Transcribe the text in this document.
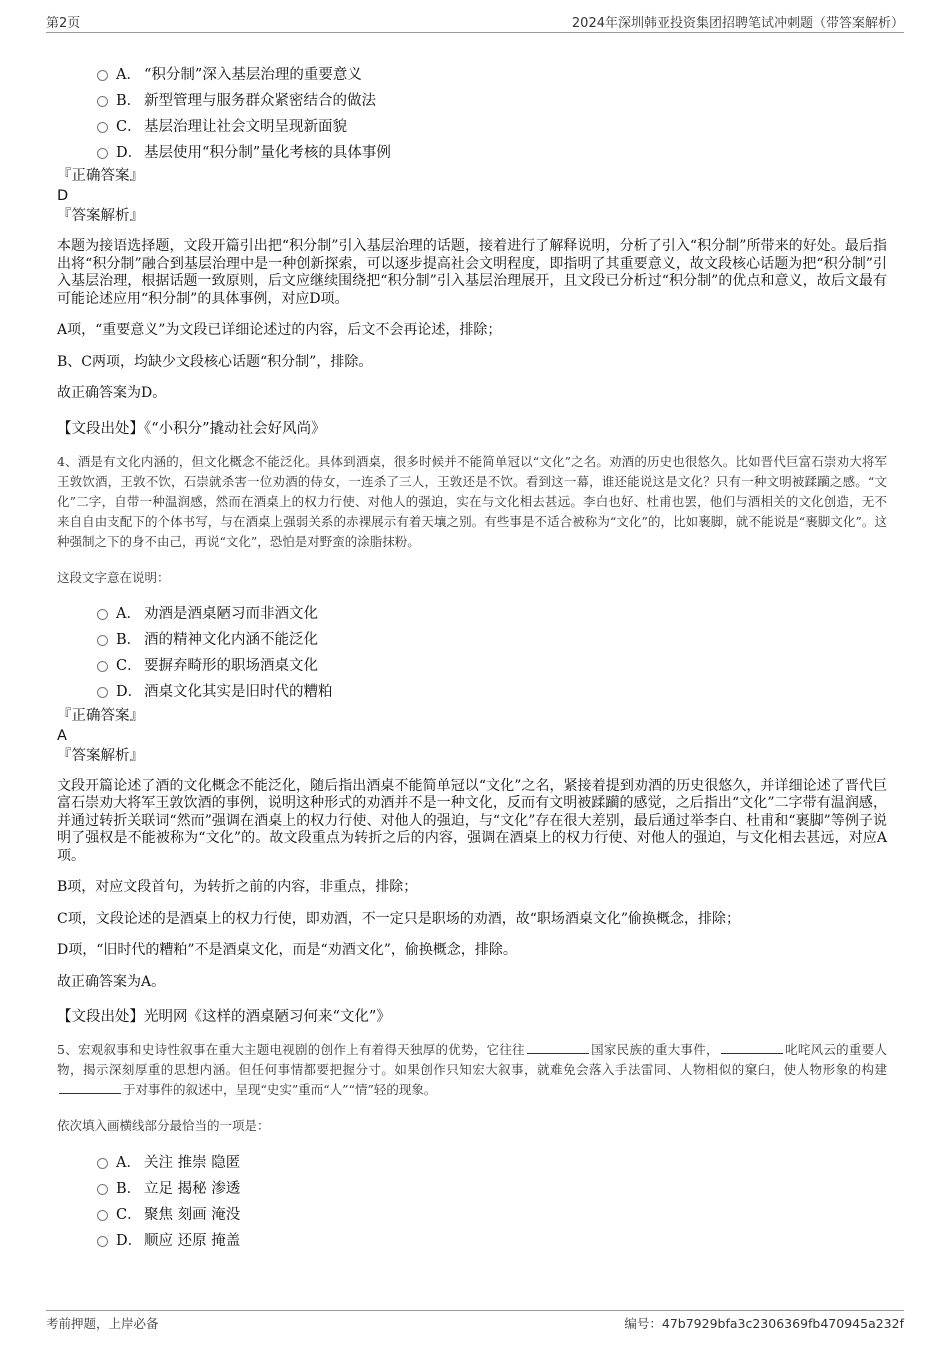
第2页	2024年深圳韩亚投资集团招聘笔试冲刺题（带答案解析）
A． “积分制”深入基层治理的重要意义
B． 新型管理与服务群众紧密结合的做法
C． 基层治理让社会文明呈现新面貌
D． 基层使用“积分制”量化考核的具体事例
『正确答案』
D
『答案解析』

本题为接语选择题，文段开篇引出把“积分制”引入基层治理的话题，接着进行了解释说明，分析了引入“积分制”所带来的好处。最后指出将“积分制”融合到基层治理中是一种创新探索，可以逐步提高社会文明程度，即指明了其重要意义，故文段核心话题为把“积分制”引入基层治理，根据话题一致原则，后文应继续围绕把“积分制”引入基层治理展开，且文段已分析过“积分制”的优点和意义，故后文最有可能论述应用“积分制”的具体事例，对应D项。

A项，“重要意义”为文段已详细论述过的内容，后文不会再论述，排除；

B、C两项，均缺少文段核心话题“积分制”，排除。

故正确答案为D。

【文段出处】《“小积分”撬动社会好风尚》
4、酒是有文化内涵的，但文化概念不能泛化。具体到酒桌，很多时候并不能简单冠以“文化”之名。劝酒的历史也很悠久。比如晋代巨富石崇劝大将军王敦饮酒，王敦不饮，石崇就杀害一位劝酒的侍女，一连杀了三人，王敦还是不饮。看到这一幕，谁还能说这是文化？只有一种文明被蹂躏之感。“文化”二字，自带一种温润感，然而在酒桌上的权力行使、对他人的强迫，实在与文化相去甚远。李白也好、杜甫也罢，他们与酒相关的文化创造，无不来自自由支配下的个体书写，与在酒桌上强弱关系的赤裸展示有着天壤之别。有些事是不适合被称为“文化”的，比如裹脚，就不能说是“裹脚文化”。这种强制之下的身不由己，再说“文化”，恐怕是对野蛮的涂脂抹粉。
这段文字意在说明：
A． 劝酒是酒桌陋习而非酒文化
B． 酒的精神文化内涵不能泛化
C． 要摒弃畸形的职场酒桌文化
D． 酒桌文化其实是旧时代的糟粕
『正确答案』
A
『答案解析』

文段开篇论述了酒的文化概念不能泛化，随后指出酒桌不能简单冠以“文化”之名，紧接着提到劝酒的历史很悠久，并详细论述了晋代巨富石崇劝大将军王敦饮酒的事例，说明这种形式的劝酒并不是一种文化，反而有文明被蹂躏的感觉，之后指出“文化”二字带有温润感，并通过转折关联词“然而”强调在酒桌上的权力行使、对他人的强迫，与“文化”存在很大差别，最后通过举李白、杜甫和“裹脚”等例子说明了强权是不能被称为“文化”的。故文段重点为转折之后的内容，强调在酒桌上的权力行使、对他人的强迫，与文化相去甚远，对应A项。

B项，对应文段首句，为转折之前的内容，非重点，排除；

C项，文段论述的是酒桌上的权力行使，即劝酒，不一定只是职场的劝酒，故“职场酒桌文化”偷换概念，排除；

D项，“旧时代的糟粕”不是酒桌文化，而是“劝酒文化”，偷换概念，排除。

故正确答案为A。

【文段出处】光明网《这样的酒桌陋习何来“文化”》
5、宏观叙事和史诗性叙事在重大主题电视剧的创作上有着得天独厚的优势，它往往	国家民族的重大事件，	叱咤风云的重要人物，揭示深刻厚重的思想内涵。但任何事情都要把握分寸。如果创作只知宏大叙事，就难免会落入手法雷同、人物相似的窠臼，使人物形象的构建于对事件的叙述中，呈现“史实”重而“人”“情”轻的现象。
依次填入画横线部分最恰当的一项是：
A． 关注 推崇 隐匿
B． 立足 揭秘 渗透
C． 聚焦 刻画 淹没
D． 顺应 还原 掩盖
考前押题，上岸必备	编号：47b7929bfa3c2306369fb470945a232f
